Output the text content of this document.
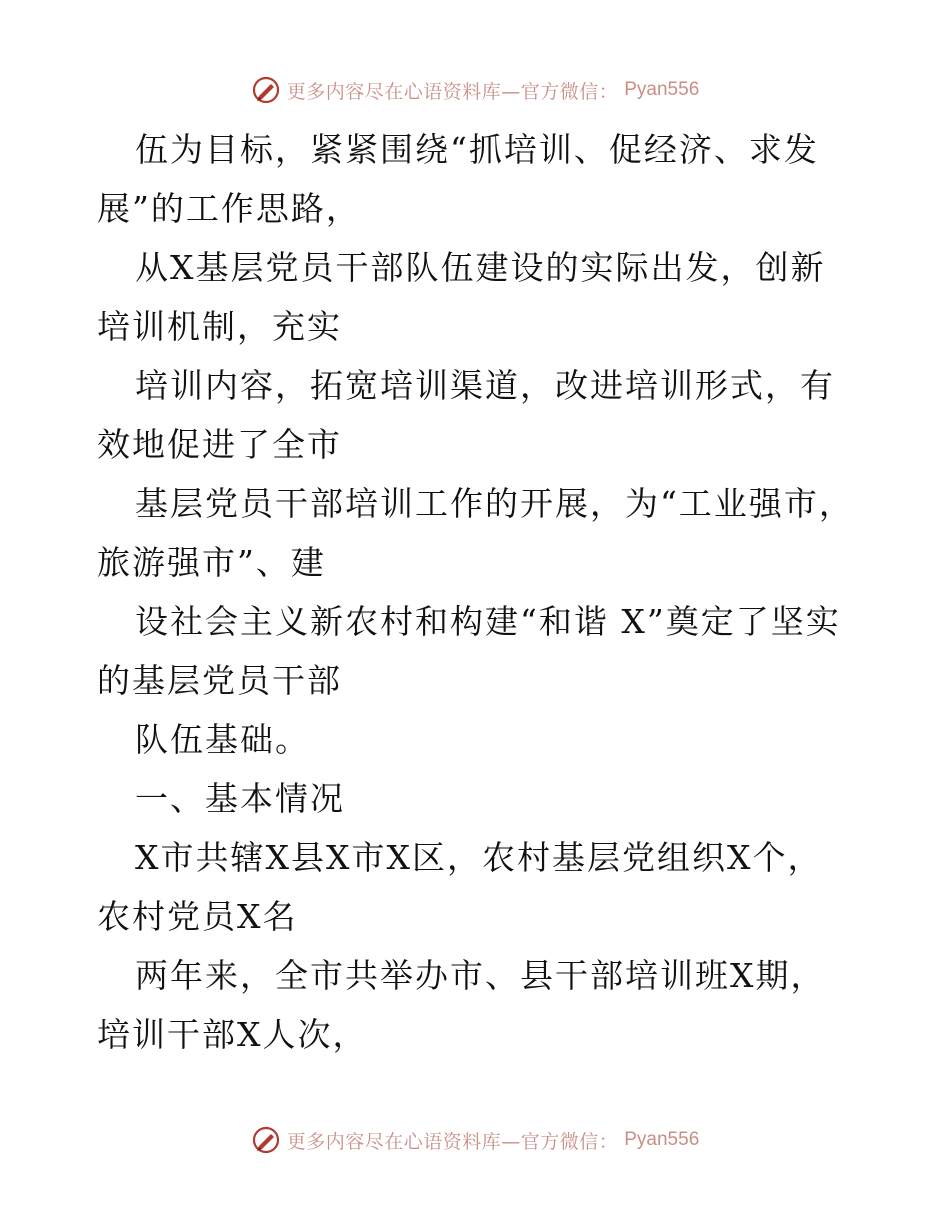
更多内容尽在心语资料库—官方微信： Pyan556

伍为目标，紧紧围绕“抓培训、促经济、求发展”的工作思路，

从X基层党员干部队伍建设的实际出发，创新培训机制，充实

培训内容，拓宽培训渠道，改进培训形式，有效地促进了全市

基层党员干部培训工作的开展，为“工业强市，旅游强市”、建

设社会主义新农村和构建“和谐 X”奠定了坚实的基层党员干部

队伍基础。

一、基本情况

X市共辖X县X市X区，农村基层党组织X个，农村党员X名

两年来，全市共举办市、县干部培训班X期，培训干部X人次，

更多内容尽在心语资料库—官方微信： Pyan556
